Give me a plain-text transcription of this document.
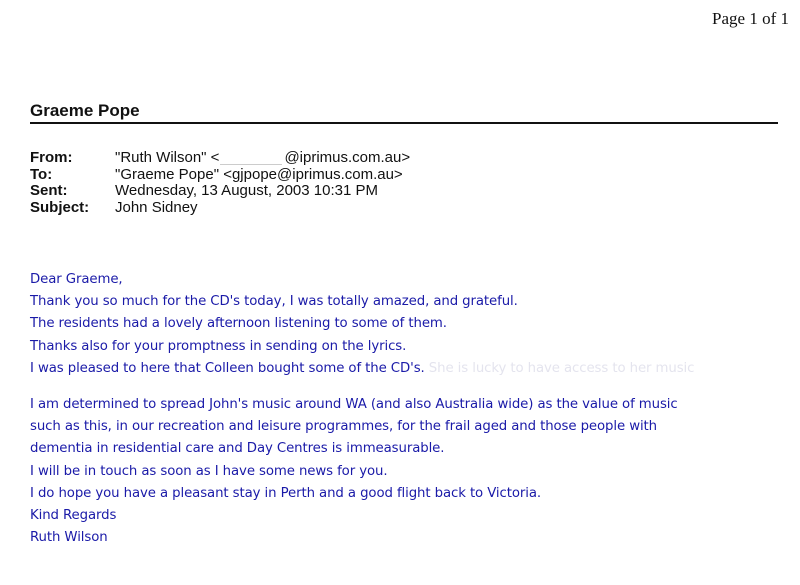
Page 1 of 1
Graeme Pope
From:	"Ruth Wilson" <	@iprimus.com.au>
To:	"Graeme Pope" <gjpope@iprimus.com.au>
Sent:	Wednesday, 13 August, 2003 10:31 PM
Subject:	John Sidney
Dear Graeme,
Thank you so much for the CD's today, I was totally amazed, and grateful.
The residents had a lovely afternoon listening to some of them.
Thanks also for your promptness in sending on the lyrics.
I was pleased to here that Colleen bought some of the CD's. She is lucky to have access to her music
I am determined to spread John's music around WA (and also Australia wide) as the value of music
such as this, in our recreation and leisure programmes, for the frail aged and those people with
dementia in residential care and Day Centres is immeasurable.
I will be in touch as soon as I have some news for you.
I do hope you have a pleasant stay in Perth and a good flight back to Victoria.
Kind Regards
Ruth Wilson
